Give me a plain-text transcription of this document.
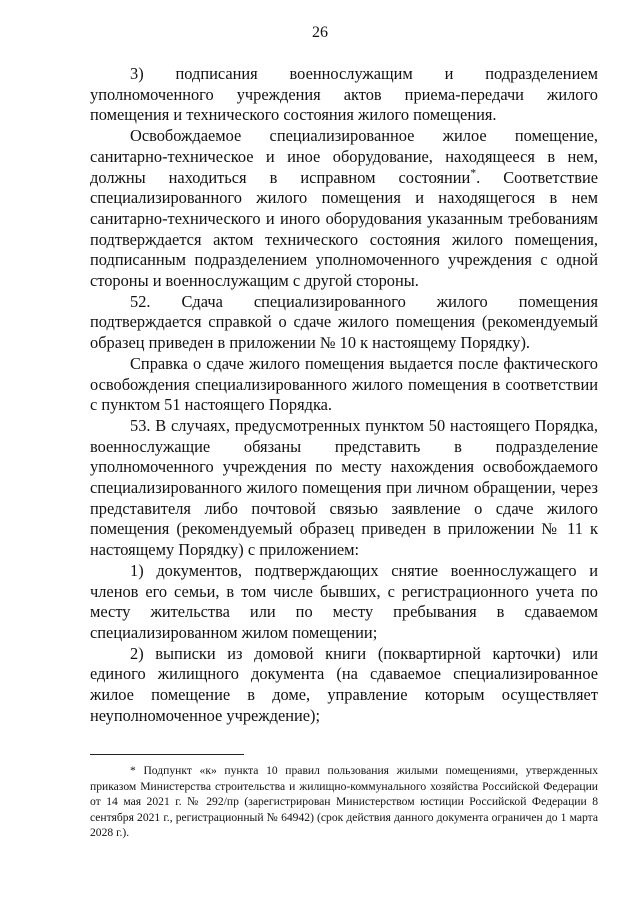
26

3) подписания военнослужащим и подразделением уполномоченного учреждения актов приема-передачи жилого помещения и технического состояния жилого помещения.

Освобождаемое специализированное жилое помещение, санитарно-техническое и иное оборудование, находящееся в нем, должны находиться в исправном состоянии*. Соответствие специализированного жилого помещения и находящегося в нем санитарно-технического и иного оборудования указанным требованиям подтверждается актом технического состояния жилого помещения, подписанным подразделением уполномоченного учреждения с одной стороны и военнослужащим с другой стороны.

52. Сдача специализированного жилого помещения подтверждается справкой о сдаче жилого помещения (рекомендуемый образец приведен в приложении № 10 к настоящему Порядку).

Справка о сдаче жилого помещения выдается после фактического освобождения специализированного жилого помещения в соответствии с пунктом 51 настоящего Порядка.

53. В случаях, предусмотренных пунктом 50 настоящего Порядка, военнослужащие обязаны представить в подразделение уполномоченного учреждения по месту нахождения освобождаемого специализированного жилого помещения при личном обращении, через представителя либо почтовой связью заявление о сдаче жилого помещения (рекомендуемый образец приведен в приложении № 11 к настоящему Порядку) с приложением:

1) документов, подтверждающих снятие военнослужащего и членов его семьи, в том числе бывших, с регистрационного учета по месту жительства или по месту пребывания в сдаваемом специализированном жилом помещении;

2) выписки из домовой книги (поквартирной карточки) или единого жилищного документа (на сдаваемое специализированное жилое помещение в доме, управление которым осуществляет неуполномоченное учреждение);

* Подпункт «к» пункта 10 правил пользования жилыми помещениями, утвержденных приказом Министерства строительства и жилищно-коммунального хозяйства Российской Федерации от 14 мая 2021 г. № 292/пр (зарегистрирован Министерством юстиции Российской Федерации 8 сентября 2021 г., регистрационный № 64942) (срок действия данного документа ограничен до 1 марта 2028 г.).
